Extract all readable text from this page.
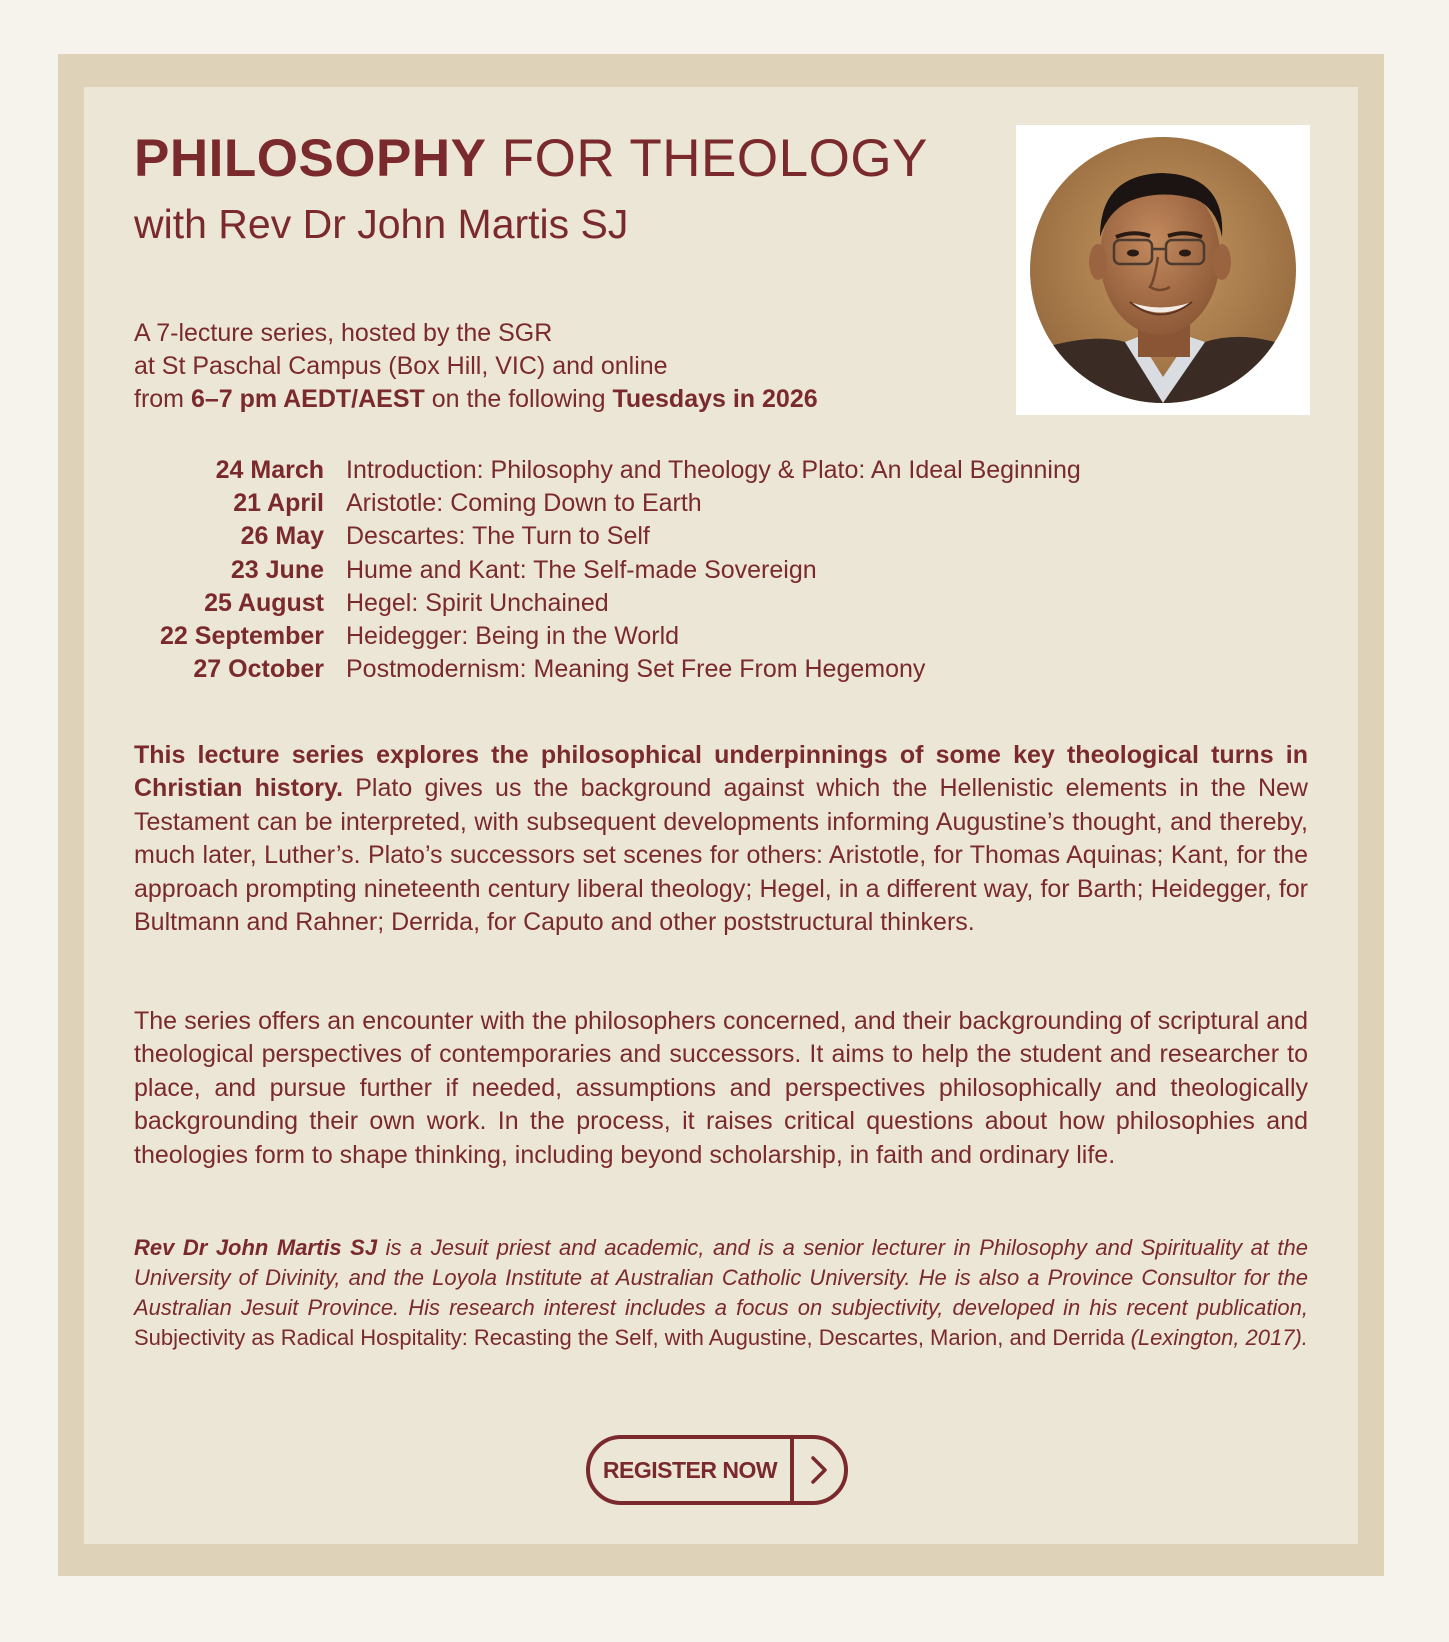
PHILOSOPHY FOR THEOLOGY
with Rev Dr John Martis SJ
A 7-lecture series, hosted by the SGR
at St Paschal Campus (Box Hill, VIC) and online
from 6–7 pm AEDT/AEST on the following Tuesdays in 2026
24 March Introduction: Philosophy and Theology & Plato: An Ideal Beginning
21 April Aristotle: Coming Down to Earth
26 May Descartes: The Turn to Self
23 June Hume and Kant: The Self-made Sovereign
25 August Hegel: Spirit Unchained
22 September Heidegger: Being in the World
27 October Postmodernism: Meaning Set Free From Hegemony

This lecture series explores the philosophical underpinnings of some key theological turns in Christian history. Plato gives us the background against which the Hellenistic elements in the New Testament can be interpreted, with subsequent developments informing Augustine’s thought, and thereby, much later, Luther’s. Plato’s successors set scenes for others: Aristotle, for Thomas Aquinas; Kant, for the approach prompting nineteenth century liberal theology; Hegel, in a different way, for Barth; Heidegger, for Bultmann and Rahner; Derrida, for Caputo and other poststructural thinkers.

The series offers an encounter with the philosophers concerned, and their backgrounding of scriptural and theological perspectives of contemporaries and successors. It aims to help the student and researcher to place, and pursue further if needed, assumptions and perspectives philosophically and theologically backgrounding their own work. In the process, it raises critical questions about how philosophies and theologies form to shape thinking, including beyond scholarship, in faith and ordinary life.

Rev Dr John Martis SJ is a Jesuit priest and academic, and is a senior lecturer in Philosophy and Spirituality at the University of Divinity, and the Loyola Institute at Australian Catholic University. He is also a Province Consultor for the Australian Jesuit Province. His research interest includes a focus on subjectivity, developed in his recent publication, Subjectivity as Radical Hospitality: Recasting the Self, with Augustine, Descartes, Marion, and Derrida (Lexington, 2017).

REGISTER NOW
